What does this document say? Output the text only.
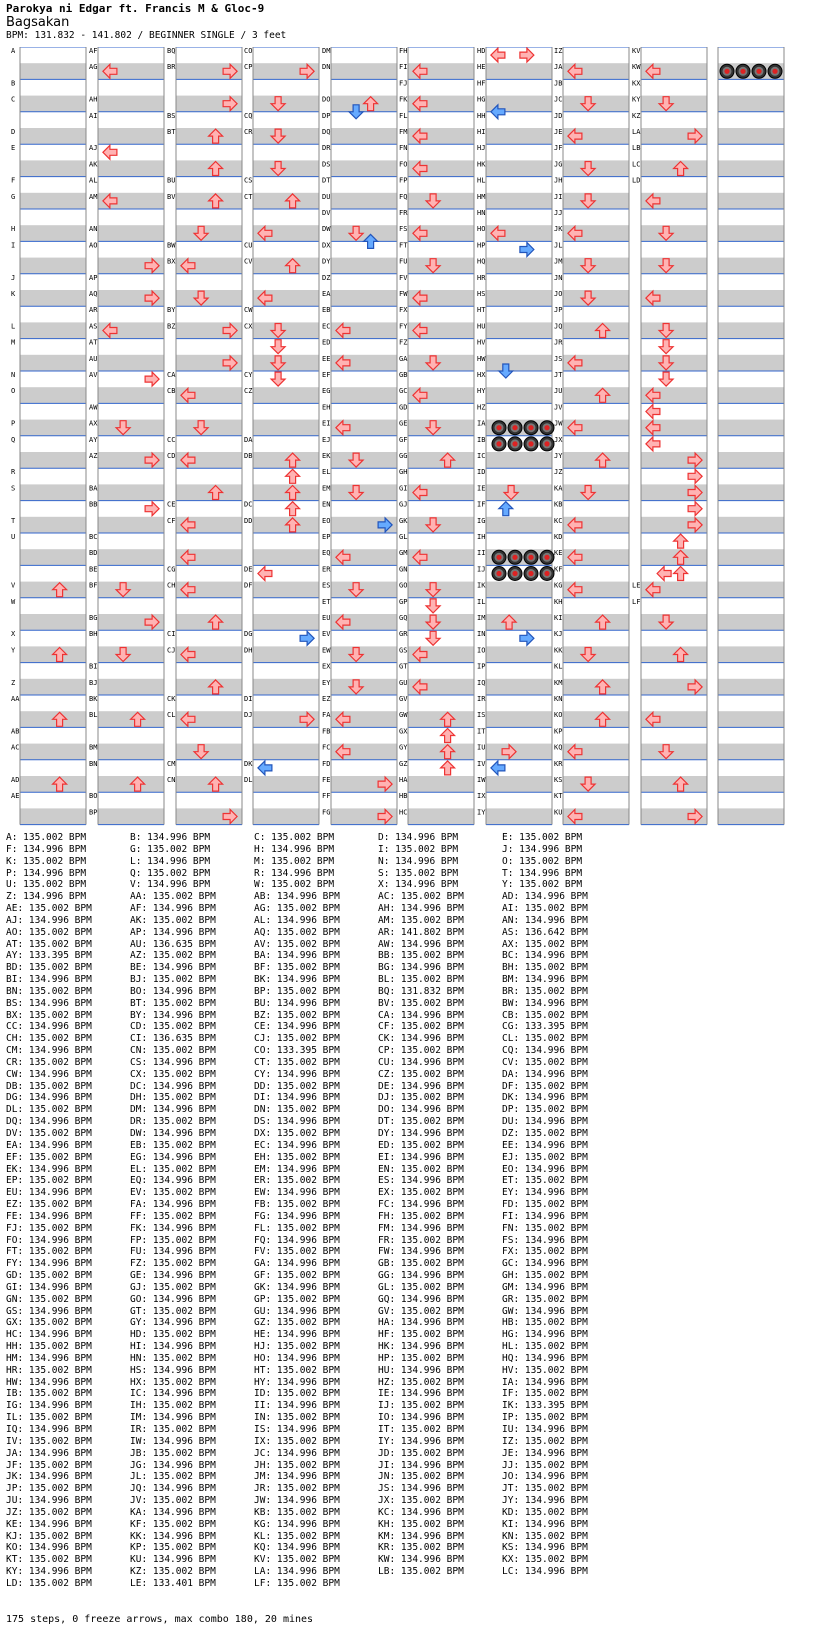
Parokya ni Edgar ft. Francis M & Gloc-9
Bagsakan
BPM: 131.832 - 141.802 / BEGINNER SINGLE / 3 feet
A
B
C
D
E
F
G
H
I
J
K
L
M
N
O
P
Q
R
S
T
U
V
W
X
Y
Z
AA
AB
AC
AD
AE
AF
AG
AH
AI
AJ
AK
AL
AM
AN
AO
AP
AQ
AR
AS
AT
AU
AV
AW
AX
AY
AZ
BA
BB
BC
BD
BE
BF
BG
BH
BI
BJ
BK
BL
BM
BN
BO
BP
BQ
BR
BS
BT
BU
BV
BW
BX
BY
BZ
CA
CB
CC
CD
CE
CF
CG
CH
CI
CJ
CK
CL
CM
CN
CO
CP
CQ
CR
CS
CT
CU
CV
CW
CX
CY
CZ
DA
DB
DC
DD
DE
DF
DG
DH
DI
DJ
DK
DL
DM
DN
DO
DP
DQ
DR
DS
DT
DU
DV
DW
DX
DY
DZ
EA
EB
EC
ED
EE
EF
EG
EH
EI
EJ
EK
EL
EM
EN
EO
EP
EQ
ER
ES
ET
EU
EV
EW
EX
EY
EZ
FA
FB
FC
FD
FE
FF
FG
FH
FI
FJ
FK
FL
FM
FN
FO
FP
FQ
FR
FS
FT
FU
FV
FW
FX
FY
FZ
GA
GB
GC
GD
GE
GF
GG
GH
GI
GJ
GK
GL
GM
GN
GO
GP
GQ
GR
GS
GT
GU
GV
GW
GX
GY
GZ
HA
HB
HC
HD
HE
HF
HG
HH
HI
HJ
HK
HL
HM
HN
HO
HP
HQ
HR
HS
HT
HU
HV
HW
HX
HY
HZ
IA
IB
IC
ID
IE
IF
IG
IH
II
IJ
IK
IL
IM
IN
IO
IP
IQ
IR
IS
IT
IU
IV
IW
IX
IY
IZ
JA
JB
JC
JD
JE
JF
JG
JH
JI
JJ
JK
JL
JM
JN
JO
JP
JQ
JR
JS
JT
JU
JV
JW
JX
JY
JZ
KA
KB
KC
KD
KE
KF
KG
KH
KI
KJ
KK
KL
KM
KN
KO
KP
KQ
KR
KS
KT
KU
KV
KW
KX
KY
KZ
LA
LB
LC
LD
LE
LF
A: 135.002 BPM	B: 134.996 BPM	C: 135.002 BPM	D: 134.996 BPM	E: 135.002 BPM
F: 134.996 BPM	G: 135.002 BPM	H: 134.996 BPM	I: 135.002 BPM	J: 134.996 BPM
K: 135.002 BPM	L: 134.996 BPM	M: 135.002 BPM	N: 134.996 BPM	O: 135.002 BPM
P: 134.996 BPM	Q: 135.002 BPM	R: 134.996 BPM	S: 135.002 BPM	T: 134.996 BPM
U: 135.002 BPM	V: 134.996 BPM	W: 135.002 BPM	X: 134.996 BPM	Y: 135.002 BPM
Z: 134.996 BPM	AA: 135.002 BPM	AB: 134.996 BPM	AC: 135.002 BPM	AD: 134.996 BPM
AE: 135.002 BPM	AF: 134.996 BPM	AG: 135.002 BPM	AH: 134.996 BPM	AI: 135.002 BPM
AJ: 134.996 BPM	AK: 135.002 BPM	AL: 134.996 BPM	AM: 135.002 BPM	AN: 134.996 BPM
AO: 135.002 BPM	AP: 134.996 BPM	AQ: 135.002 BPM	AR: 141.802 BPM	AS: 136.642 BPM
AT: 135.002 BPM	AU: 136.635 BPM	AV: 135.002 BPM	AW: 134.996 BPM	AX: 135.002 BPM
AY: 133.395 BPM	AZ: 135.002 BPM	BA: 134.996 BPM	BB: 135.002 BPM	BC: 134.996 BPM
BD: 135.002 BPM	BE: 134.996 BPM	BF: 135.002 BPM	BG: 134.996 BPM	BH: 135.002 BPM
BI: 134.996 BPM	BJ: 135.002 BPM	BK: 134.996 BPM	BL: 135.002 BPM	BM: 134.996 BPM
BN: 135.002 BPM	BO: 134.996 BPM	BP: 135.002 BPM	BQ: 131.832 BPM	BR: 135.002 BPM
BS: 134.996 BPM	BT: 135.002 BPM	BU: 134.996 BPM	BV: 135.002 BPM	BW: 134.996 BPM
BX: 135.002 BPM	BY: 134.996 BPM	BZ: 135.002 BPM	CA: 134.996 BPM	CB: 135.002 BPM
CC: 134.996 BPM	CD: 135.002 BPM	CE: 134.996 BPM	CF: 135.002 BPM	CG: 133.395 BPM
CH: 135.002 BPM	CI: 136.635 BPM	CJ: 135.002 BPM	CK: 134.996 BPM	CL: 135.002 BPM
CM: 134.996 BPM	CN: 135.002 BPM	CO: 133.395 BPM	CP: 135.002 BPM	CQ: 134.996 BPM
CR: 135.002 BPM	CS: 134.996 BPM	CT: 135.002 BPM	CU: 134.996 BPM	CV: 135.002 BPM
CW: 134.996 BPM	CX: 135.002 BPM	CY: 134.996 BPM	CZ: 135.002 BPM	DA: 134.996 BPM
DB: 135.002 BPM	DC: 134.996 BPM	DD: 135.002 BPM	DE: 134.996 BPM	DF: 135.002 BPM
DG: 134.996 BPM	DH: 135.002 BPM	DI: 134.996 BPM	DJ: 135.002 BPM	DK: 134.996 BPM
DL: 135.002 BPM	DM: 134.996 BPM	DN: 135.002 BPM	DO: 134.996 BPM	DP: 135.002 BPM
DQ: 134.996 BPM	DR: 135.002 BPM	DS: 134.996 BPM	DT: 135.002 BPM	DU: 134.996 BPM
DV: 135.002 BPM	DW: 134.996 BPM	DX: 135.002 BPM	DY: 134.996 BPM	DZ: 135.002 BPM
EA: 134.996 BPM	EB: 135.002 BPM	EC: 134.996 BPM	ED: 135.002 BPM	EE: 134.996 BPM
EF: 135.002 BPM	EG: 134.996 BPM	EH: 135.002 BPM	EI: 134.996 BPM	EJ: 135.002 BPM
EK: 134.996 BPM	EL: 135.002 BPM	EM: 134.996 BPM	EN: 135.002 BPM	EO: 134.996 BPM
EP: 135.002 BPM	EQ: 134.996 BPM	ER: 135.002 BPM	ES: 134.996 BPM	ET: 135.002 BPM
EU: 134.996 BPM	EV: 135.002 BPM	EW: 134.996 BPM	EX: 135.002 BPM	EY: 134.996 BPM
EZ: 135.002 BPM	FA: 134.996 BPM	FB: 135.002 BPM	FC: 134.996 BPM	FD: 135.002 BPM
FE: 134.996 BPM	FF: 135.002 BPM	FG: 134.996 BPM	FH: 135.002 BPM	FI: 134.996 BPM
FJ: 135.002 BPM	FK: 134.996 BPM	FL: 135.002 BPM	FM: 134.996 BPM	FN: 135.002 BPM
FO: 134.996 BPM	FP: 135.002 BPM	FQ: 134.996 BPM	FR: 135.002 BPM	FS: 134.996 BPM
FT: 135.002 BPM	FU: 134.996 BPM	FV: 135.002 BPM	FW: 134.996 BPM	FX: 135.002 BPM
FY: 134.996 BPM	FZ: 135.002 BPM	GA: 134.996 BPM	GB: 135.002 BPM	GC: 134.996 BPM
GD: 135.002 BPM	GE: 134.996 BPM	GF: 135.002 BPM	GG: 134.996 BPM	GH: 135.002 BPM
GI: 134.996 BPM	GJ: 135.002 BPM	GK: 134.996 BPM	GL: 135.002 BPM	GM: 134.996 BPM
GN: 135.002 BPM	GO: 134.996 BPM	GP: 135.002 BPM	GQ: 134.996 BPM	GR: 135.002 BPM
GS: 134.996 BPM	GT: 135.002 BPM	GU: 134.996 BPM	GV: 135.002 BPM	GW: 134.996 BPM
GX: 135.002 BPM	GY: 134.996 BPM	GZ: 135.002 BPM	HA: 134.996 BPM	HB: 135.002 BPM
HC: 134.996 BPM	HD: 135.002 BPM	HE: 134.996 BPM	HF: 135.002 BPM	HG: 134.996 BPM
HH: 135.002 BPM	HI: 134.996 BPM	HJ: 135.002 BPM	HK: 134.996 BPM	HL: 135.002 BPM
HM: 134.996 BPM	HN: 135.002 BPM	HO: 134.996 BPM	HP: 135.002 BPM	HQ: 134.996 BPM
HR: 135.002 BPM	HS: 134.996 BPM	HT: 135.002 BPM	HU: 134.996 BPM	HV: 135.002 BPM
HW: 134.996 BPM	HX: 135.002 BPM	HY: 134.996 BPM	HZ: 135.002 BPM	IA: 134.996 BPM
IB: 135.002 BPM	IC: 134.996 BPM	ID: 135.002 BPM	IE: 134.996 BPM	IF: 135.002 BPM
IG: 134.996 BPM	IH: 135.002 BPM	II: 134.996 BPM	IJ: 135.002 BPM	IK: 133.395 BPM
IL: 135.002 BPM	IM: 134.996 BPM	IN: 135.002 BPM	IO: 134.996 BPM	IP: 135.002 BPM
IQ: 134.996 BPM	IR: 135.002 BPM	IS: 134.996 BPM	IT: 135.002 BPM	IU: 134.996 BPM
IV: 135.002 BPM	IW: 134.996 BPM	IX: 135.002 BPM	IY: 134.996 BPM	IZ: 135.002 BPM
JA: 134.996 BPM	JB: 135.002 BPM	JC: 134.996 BPM	JD: 135.002 BPM	JE: 134.996 BPM
JF: 135.002 BPM	JG: 134.996 BPM	JH: 135.002 BPM	JI: 134.996 BPM	JJ: 135.002 BPM
JK: 134.996 BPM	JL: 135.002 BPM	JM: 134.996 BPM	JN: 135.002 BPM	JO: 134.996 BPM
JP: 135.002 BPM	JQ: 134.996 BPM	JR: 135.002 BPM	JS: 134.996 BPM	JT: 135.002 BPM
JU: 134.996 BPM	JV: 135.002 BPM	JW: 134.996 BPM	JX: 135.002 BPM	JY: 134.996 BPM
JZ: 135.002 BPM	KA: 134.996 BPM	KB: 135.002 BPM	KC: 134.996 BPM	KD: 135.002 BPM
KE: 134.996 BPM	KF: 135.002 BPM	KG: 134.996 BPM	KH: 135.002 BPM	KI: 134.996 BPM
KJ: 135.002 BPM	KK: 134.996 BPM	KL: 135.002 BPM	KM: 134.996 BPM	KN: 135.002 BPM
KO: 134.996 BPM	KP: 135.002 BPM	KQ: 134.996 BPM	KR: 135.002 BPM	KS: 134.996 BPM
KT: 135.002 BPM	KU: 134.996 BPM	KV: 135.002 BPM	KW: 134.996 BPM	KX: 135.002 BPM
KY: 134.996 BPM	KZ: 135.002 BPM	LA: 134.996 BPM	LB: 135.002 BPM	LC: 134.996 BPM
LD: 135.002 BPM	LE: 133.401 BPM	LF: 135.002 BPM
175 steps, 0 freeze arrows, max combo 180, 20 mines
